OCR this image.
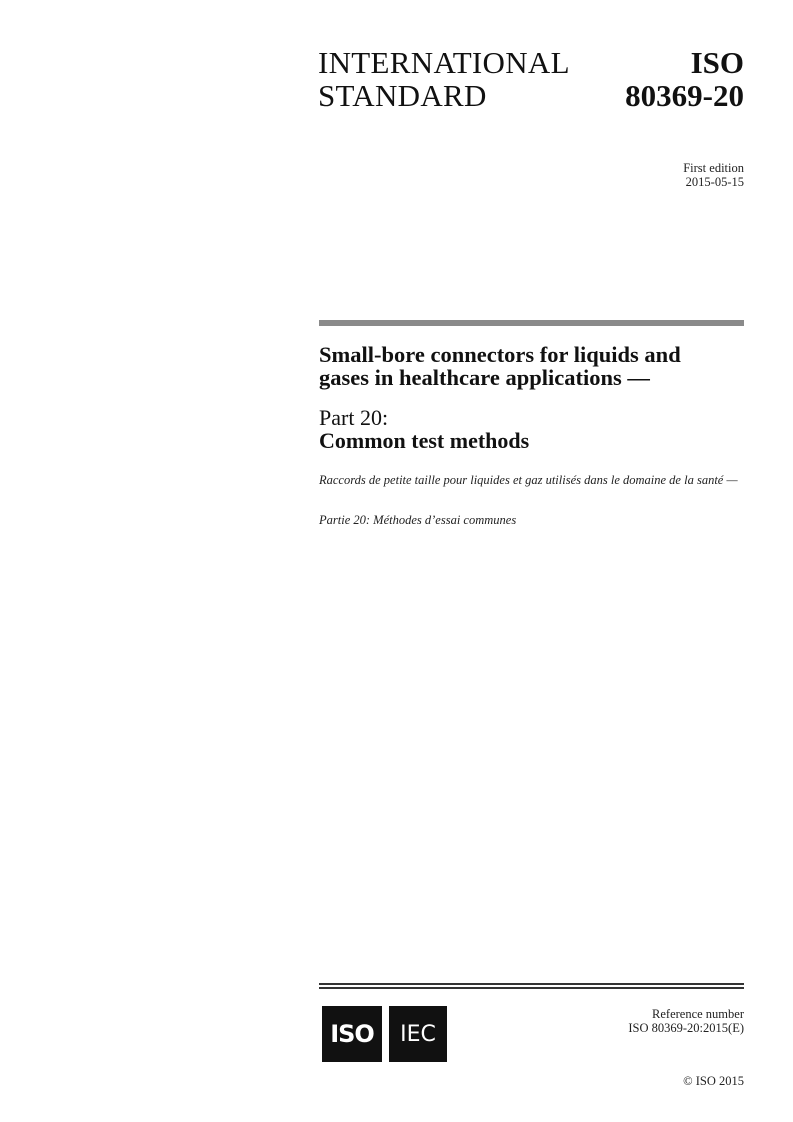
INTERNATIONAL
STANDARD
ISO
80369-20
First edition
2015-05-15
Small-bore connectors for liquids and
gases in healthcare applications —
Part 20:
Common test methods
Raccords de petite taille pour liquides et gaz utilisés dans le domaine de la santé —
Partie 20: Méthodes d’essai communes
ISO IEC
Reference number
ISO 80369-20:2015(E)
© ISO 2015
